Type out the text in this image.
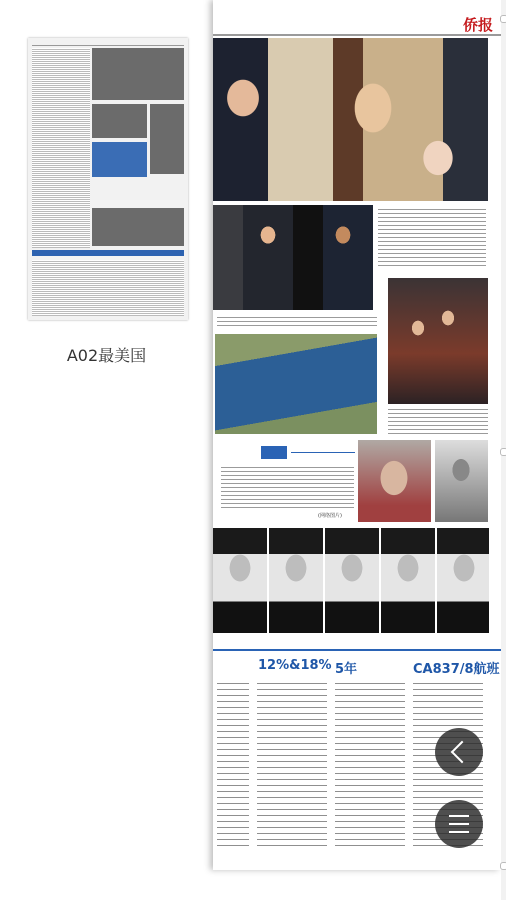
A02最美国
侨报
(网络图片)
12%&18% 5年	CA837/8航班
